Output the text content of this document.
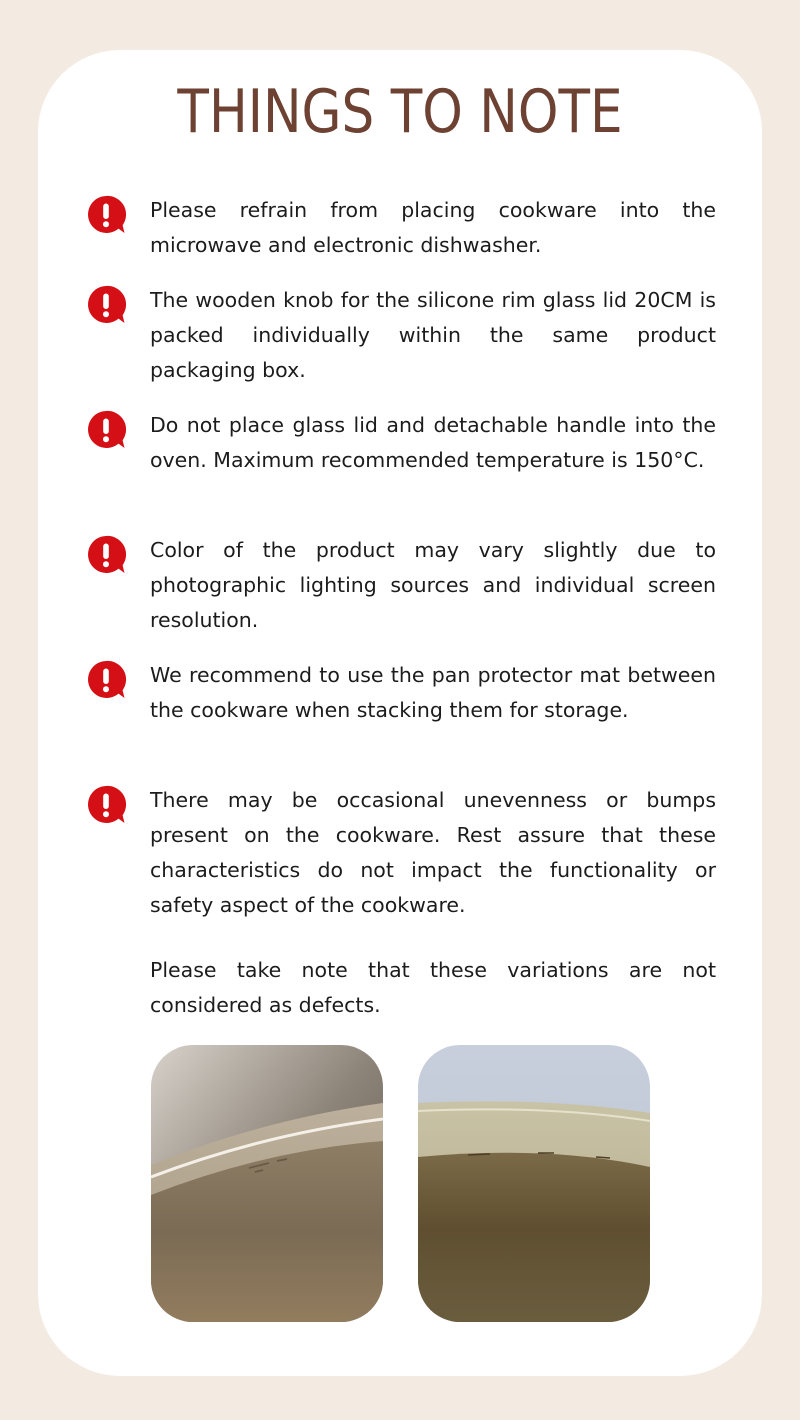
THINGS TO NOTE

Please refrain from placing cookware into the microwave and electronic dishwasher.

The wooden knob for the silicone rim glass lid 20CM is packed individually within the same product packaging box.

Do not place glass lid and detachable handle into the oven. Maximum recommended temperature is 150°C.

Color of the product may vary slightly due to photographic lighting sources and individual screen resolution.

We recommend to use the pan protector mat between the cookware when stacking them for storage.

There may be occasional unevenness or bumps present on the cookware. Rest assure that these characteristics do not impact the functionality or safety aspect of the cookware.

Please take note that these variations are not considered as defects.
